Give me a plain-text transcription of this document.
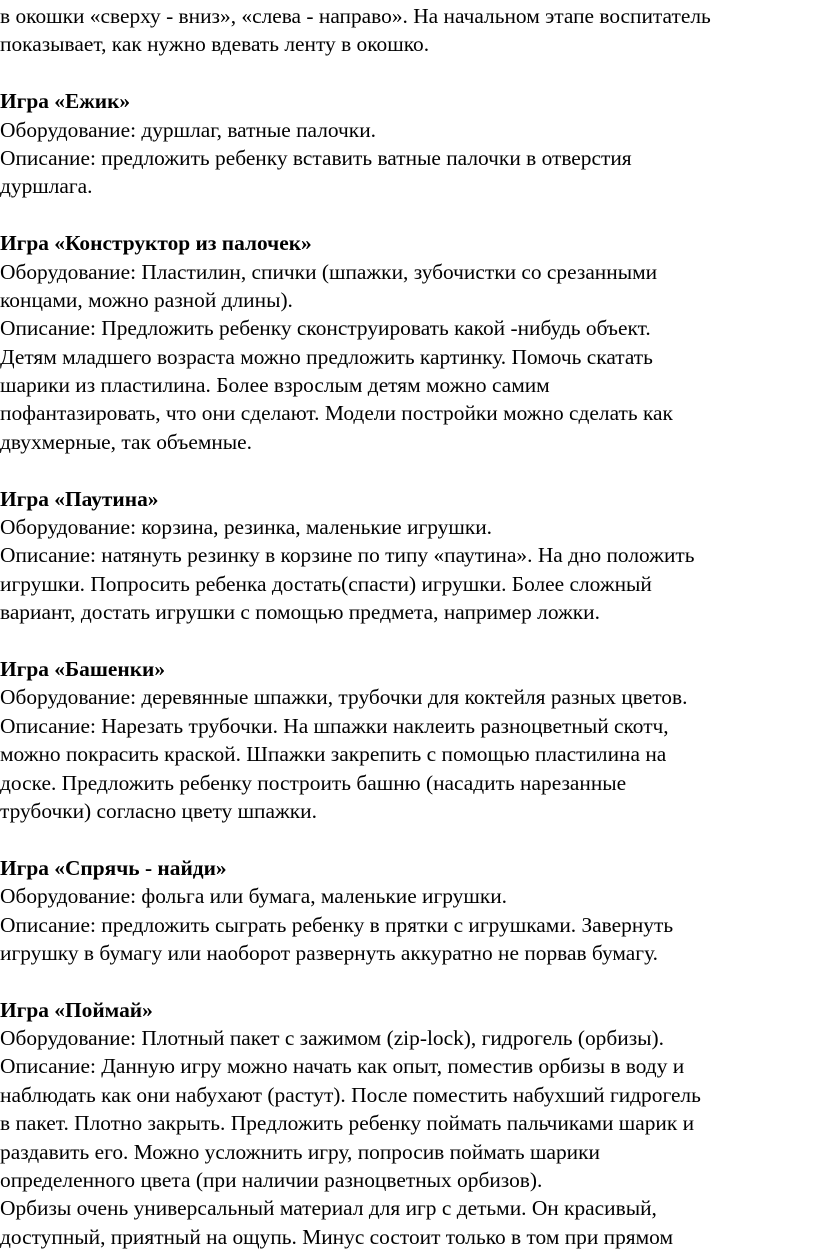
в окошки «сверху - вниз», «слева - направо». На начальном этапе воспитатель
показывает, как нужно вдевать ленту в окошко.
Игра «Ежик»
Оборудование: дуршлаг, ватные палочки.
Описание: предложить ребенку вставить ватные палочки в отверстия
дуршлага.
Игра «Конструктор из палочек»
Оборудование: Пластилин, спички (шпажки, зубочистки со срезанными
концами, можно разной длины).
Описание: Предложить ребенку сконструировать какой -нибудь объект.
Детям младшего возраста можно предложить картинку. Помочь скатать
шарики из пластилина. Более взрослым детям можно самим
пофантазировать, что они сделают. Модели постройки можно сделать как
двухмерные, так объемные.
Игра «Паутина»
Оборудование: корзина, резинка, маленькие игрушки.
Описание: натянуть резинку в корзине по типу «паутина». На дно положить
игрушки. Попросить ребенка достать(спасти) игрушки. Более сложный
вариант, достать игрушки с помощью предмета, например ложки.
Игра «Башенки»
Оборудование: деревянные шпажки, трубочки для коктейля разных цветов.
Описание: Нарезать трубочки. На шпажки наклеить разноцветный скотч,
можно покрасить краской. Шпажки закрепить с помощью пластилина на
доске. Предложить ребенку построить башню (насадить нарезанные
трубочки) согласно цвету шпажки.
Игра «Спрячь - найди»
Оборудование: фольга или бумага, маленькие игрушки.
Описание: предложить сыграть ребенку в прятки с игрушками. Завернуть
игрушку в бумагу или наоборот развернуть аккуратно не порвав бумагу.
Игра «Поймай»
Оборудование: Плотный пакет с зажимом (zip-lock), гидрогель (орбизы).
Описание: Данную игру можно начать как опыт, поместив орбизы в воду и
наблюдать как они набухают (растут). После поместить набухший гидрогель
в пакет. Плотно закрыть. Предложить ребенку поймать пальчиками шарик и
раздавить его. Можно усложнить игру, попросив поймать шарики
определенного цвета (при наличии разноцветных орбизов).
Орбизы очень универсальный материал для игр с детьми. Он красивый,
доступный, приятный на ощупь. Минус состоит только в том при прямом
